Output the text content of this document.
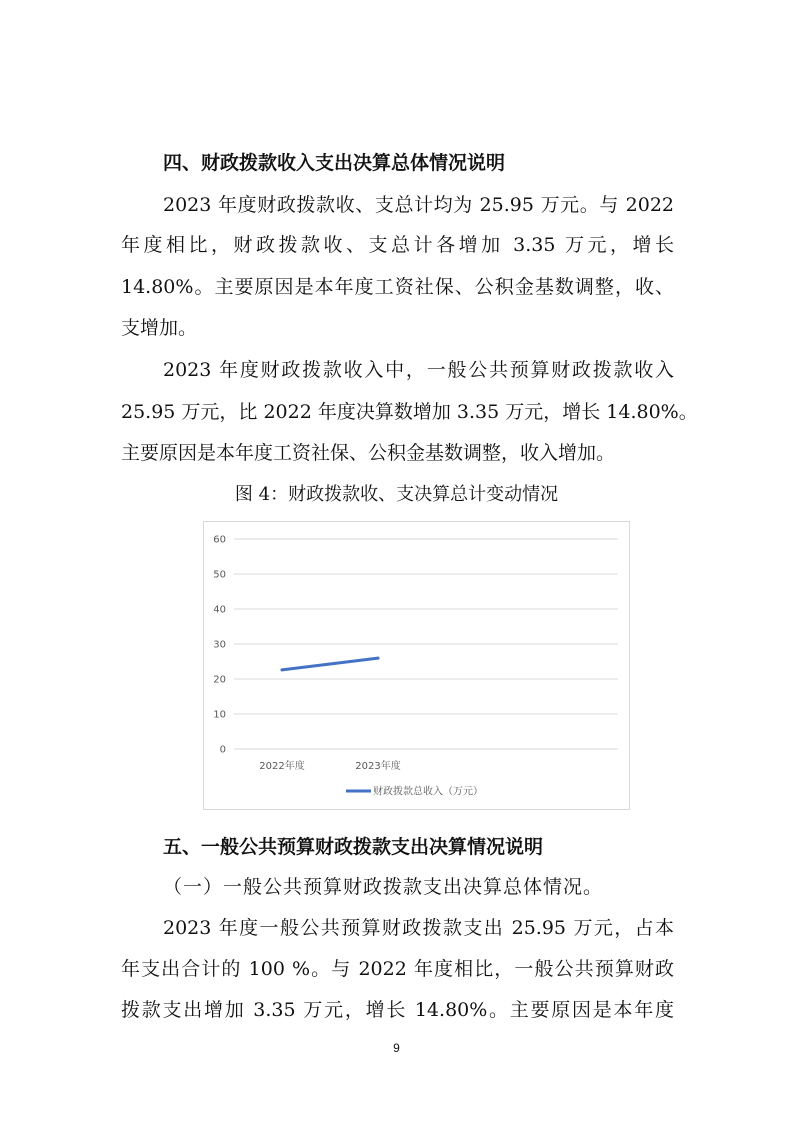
四、财政拨款收入支出决算总体情况说明
2023 年度财政拨款收、支总计均为 25.95 万元。与 2022
年度相比，财政拨款收、支总计各增加 3.35 万元，增长
14.80%。主要原因是本年度工资社保、公积金基数调整，收、
支增加。
2023 年度财政拨款收入中，一般公共预算财政拨款收入
25.95 万元，比 2022 年度决算数增加 3.35 万元，增长 14.80%。
主要原因是本年度工资社保、公积金基数调整，收入增加。
图 4：财政拨款收、支决算总计变动情况
0
10
20
30
40
50
60
2022年度	2023年度
财政拨款总收入（万元）
五、一般公共预算财政拨款支出决算情况说明
（一）一般公共预算财政拨款支出决算总体情况。
2023 年度一般公共预算财政拨款支出 25.95 万元，占本
年支出合计的 100 %。与 2022 年度相比，一般公共预算财政
拨款支出增加 3.35 万元，增长 14.80%。主要原因是本年度
9
